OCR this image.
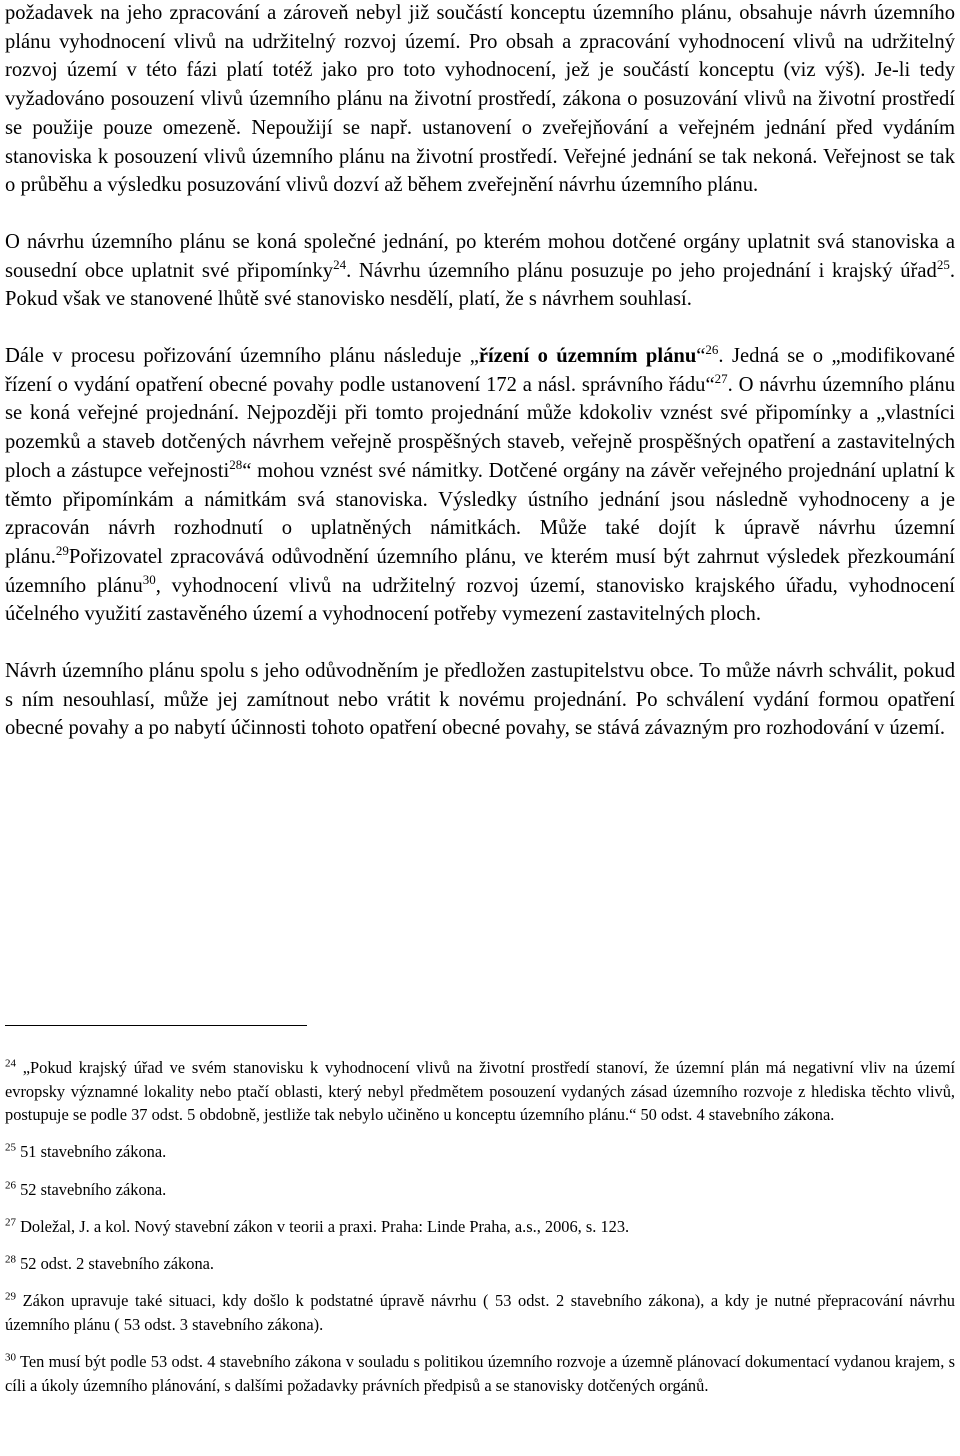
požadavek na jeho zpracování a zároveň nebyl již součástí konceptu územního plánu, obsahuje návrh územního plánu vyhodnocení vlivů na udržitelný rozvoj území. Pro obsah a zpracování vyhodnocení vlivů na udržitelný rozvoj území v této fázi platí totéž jako pro toto vyhodnocení, jež je součástí konceptu (viz výš). Je-li tedy vyžadováno posouzení vlivů územního plánu na životní prostředí, zákona o posuzování vlivů na životní prostředí se použije pouze omezeně. Nepoužijí se např. ustanovení o zveřejňování a veřejném jednání před vydáním stanoviska k posouzení vlivů územního plánu na životní prostředí. Veřejné jednání se tak nekoná. Veřejnost se tak o průběhu a výsledku posuzování vlivů dozví až během zveřejnění návrhu územního plánu.

O návrhu územního plánu se koná společné jednání, po kterém mohou dotčené orgány uplatnit svá stanoviska a sousední obce uplatnit své připomínky$^{24}$. Návrhu územního plánu posuzuje po jeho projednání i krajský úřad$^{25}$. Pokud však ve stanovené lhůtě své stanovisko nesdělí, platí, že s návrhem souhlasí.

Dále v procesu pořizování územního plánu následuje „řízení o územním plánu“$^{26}$. Jedná se o „modifikované řízení o vydání opatření obecné povahy podle ustanovení 172 a násl. správního řádu“$^{27}$. O návrhu územního plánu se koná veřejné projednání. Nejpozději při tomto projednání může kdokoliv vznést své připomínky a „vlastníci pozemků a staveb dotčených návrhem veřejně prospěšných staveb, veřejně prospěšných opatření a zastavitelných ploch a zástupce veřejnosti$^{28}$“ mohou vznést své námitky. Dotčené orgány na závěr veřejného projednání uplatní k těmto připomínkám a námitkám svá stanoviska. Výsledky ústního jednání jsou následně vyhodnoceny a je zpracován návrh rozhodnutí o uplatněných námitkách. Může také dojít k úpravě návrhu územní plánu.$^{29}$Pořizovatel zpracovává odůvodnění územního plánu, ve kterém musí být zahrnut výsledek přezkoumání územního plánu$^{30}$, vyhodnocení vlivů na udržitelný rozvoj území, stanovisko krajského úřadu, vyhodnocení účelného využití zastavěného území a vyhodnocení potřeby vymezení zastavitelných ploch.

Návrh územního plánu spolu s jeho odůvodněním je předložen zastupitelstvu obce. To může návrh schválit, pokud s ním nesouhlasí, může jej zamítnout nebo vrátit k novému projednání. Po schválení vydání formou opatření obecné povahy a po nabytí účinnosti tohoto opatření obecné povahy, se stává závazným pro rozhodování v území.

$^{24}$ „Pokud krajský úřad ve svém stanovisku k vyhodnocení vlivů na životní prostředí stanoví, že územní plán má negativní vliv na území evropsky významné lokality nebo ptačí oblasti, který nebyl předmětem posouzení vydaných zásad územního rozvoje z hlediska těchto vlivů, postupuje se podle 37 odst. 5 obdobně, jestliže tak nebylo učiněno u konceptu územního plánu.“ 50 odst. 4 stavebního zákona.

$^{25}$ 51 stavebního zákona.

$^{26}$ 52 stavebního zákona.

$^{27}$ Doležal, J. a kol. Nový stavební zákon v teorii a praxi. Praha: Linde Praha, a.s., 2006, s. 123.

$^{28}$ 52 odst. 2 stavebního zákona.

$^{29}$ Zákon upravuje také situaci, kdy došlo k podstatné úpravě návrhu ( 53 odst. 2 stavebního zákona), a kdy je nutné přepracování návrhu územního plánu ( 53 odst. 3 stavebního zákona).

$^{30}$ Ten musí být podle 53 odst. 4 stavebního zákona v souladu s politikou územního rozvoje a územně plánovací dokumentací vydanou krajem, s cíli a úkoly územního plánování, s dalšími požadavky právních předpisů a se stanovisky dotčených orgánů.
